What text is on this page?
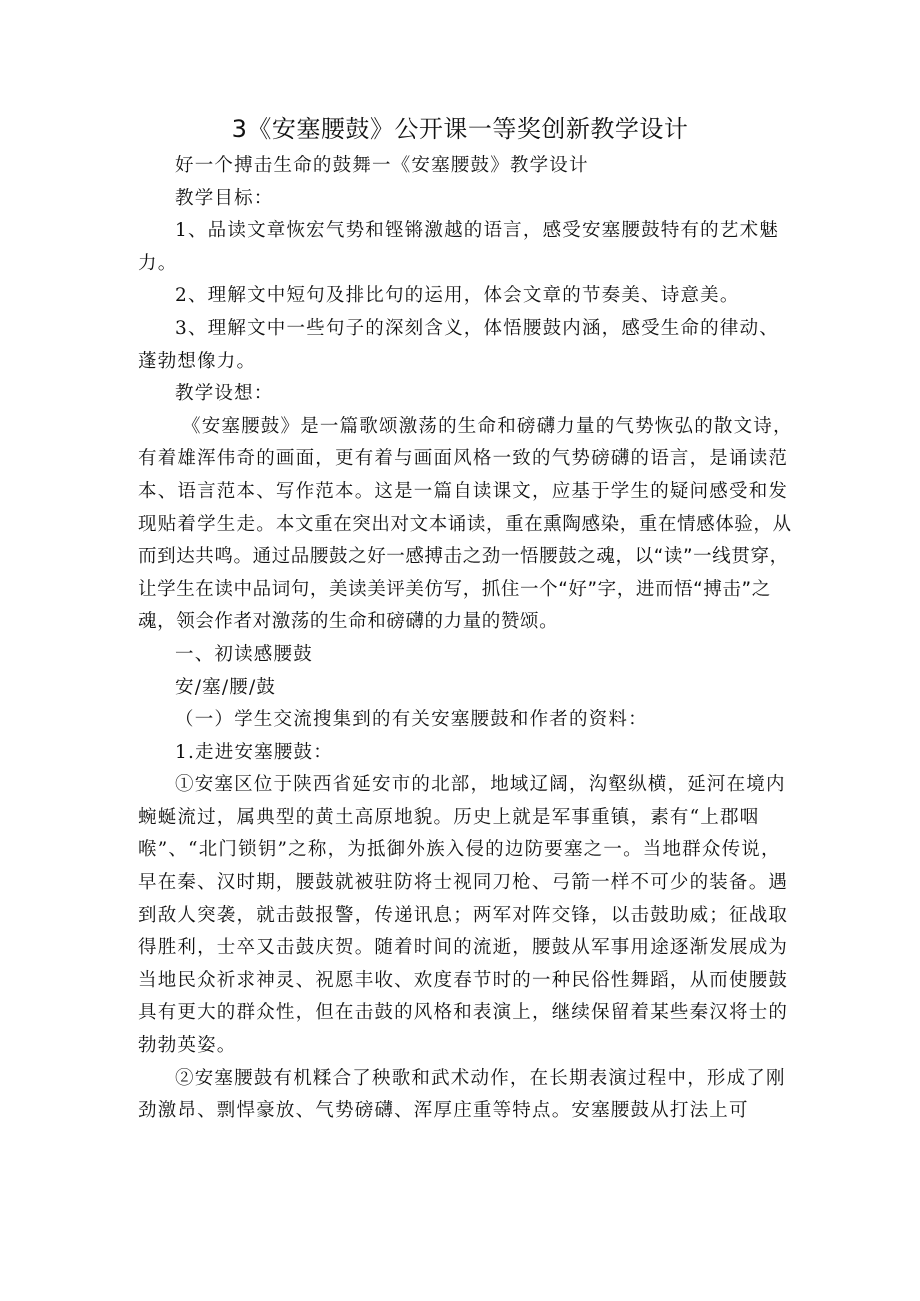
3《安塞腰鼓》公开课一等奖创新教学设计

好一个搏击生命的鼓舞一《安塞腰鼓》教学设计

教学目标：

1、品读文章恢宏气势和铿锵激越的语言，感受安塞腰鼓特有的艺术魅力。

2、理解文中短句及排比句的运用，体会文章的节奏美、诗意美。

3、理解文中一些句子的深刻含义，体悟腰鼓内涵，感受生命的律动、蓬勃想像力。

教学设想：

《安塞腰鼓》是一篇歌颂激荡的生命和磅礴力量的气势恢弘的散文诗，有着雄浑伟奇的画面，更有着与画面风格一致的气势磅礴的语言，是诵读范本、语言范本、写作范本。这是一篇自读课文，应基于学生的疑问感受和发现贴着学生走。本文重在突出对文本诵读，重在熏陶感染，重在情感体验，从而到达共鸣。通过品腰鼓之好一感搏击之劲一悟腰鼓之魂，以“读”一线贯穿，让学生在读中品词句，美读美评美仿写，抓住一个“好”字，进而悟“搏击”之魂，领会作者对激荡的生命和磅礴的力量的赞颂。

一、初读感腰鼓

安/塞/腰/鼓

（一）学生交流搜集到的有关安塞腰鼓和作者的资料：

1.走进安塞腰鼓：

①安塞区位于陕西省延安市的北部，地域辽阔，沟壑纵横，延河在境内蜿蜒流过，属典型的黄土高原地貌。历史上就是军事重镇，素有“上郡咽喉”、“北门锁钥”之称，为抵御外族入侵的边防要塞之一。当地群众传说，早在秦、汉时期，腰鼓就被驻防将士视同刀枪、弓箭一样不可少的装备。遇到敌人突袭，就击鼓报警，传递讯息；两军对阵交锋，以击鼓助威；征战取得胜利，士卒又击鼓庆贺。随着时间的流逝，腰鼓从军事用途逐渐发展成为当地民众祈求神灵、祝愿丰收、欢度春节时的一种民俗性舞蹈，从而使腰鼓具有更大的群众性，但在击鼓的风格和表演上，继续保留着某些秦汉将士的勃勃英姿。

②安塞腰鼓有机糅合了秧歌和武术动作，在长期表演过程中，形成了刚劲激昂、剽悍豪放、气势磅礴、浑厚庄重等特点。安塞腰鼓从打法上可
